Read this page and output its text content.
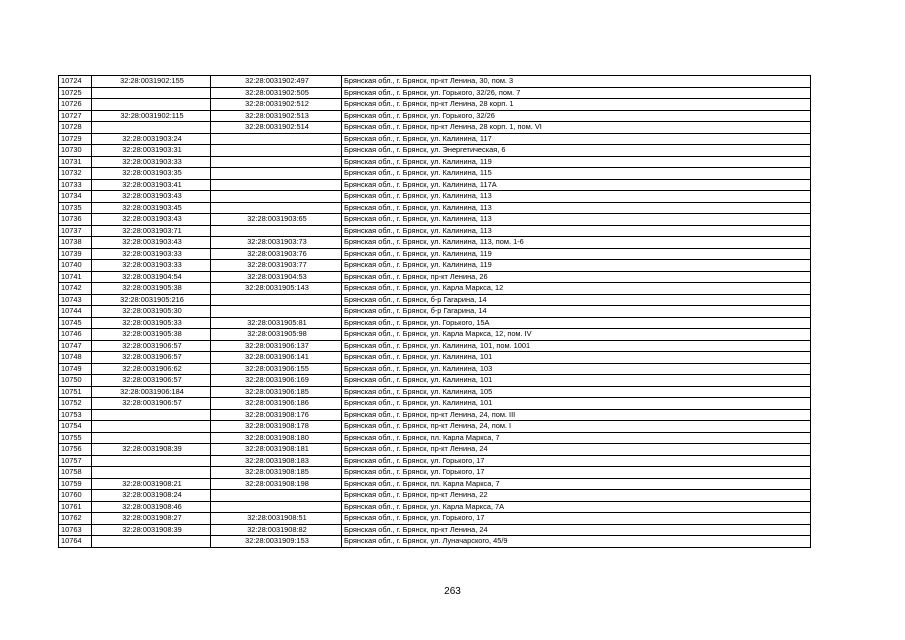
10724	32:28:0031902:155	32:28:0031902:497	Брянская обл., г. Брянск, пр-кт Ленина, 30, пом. 3
10725		32:28:0031902:505	Брянская обл., г. Брянск, ул. Горького, 32/26, пом. 7
10726		32:28:0031902:512	Брянская обл., г. Брянск, пр-кт Ленина, 28 корп. 1
10727	32:28:0031902:115	32:28:0031902:513	Брянская обл., г. Брянск, ул. Горького, 32/26
10728		32:28:0031902:514	Брянская обл., г. Брянск, пр-кт Ленина, 28 корп. 1, пом. VI
10729	32:28:0031903:24		Брянская обл., г. Брянск, ул. Калинина, 117
10730	32:28:0031903:31		Брянская обл., г. Брянск, ул. Энергетическая, 6
10731	32:28:0031903:33		Брянская обл., г. Брянск, ул. Калинина, 119
10732	32:28:0031903:35		Брянская обл., г. Брянск, ул. Калинина, 115
10733	32:28:0031903:41		Брянская обл., г. Брянск, ул. Калинина, 117А
10734	32:28:0031903:43		Брянская обл., г. Брянск, ул. Калинина, 113
10735	32:28:0031903:45		Брянская обл., г. Брянск, ул. Калинина, 113
10736	32:28:0031903:43	32:28:0031903:65	Брянская обл., г. Брянск, ул. Калинина, 113
10737	32:28:0031903:71		Брянская обл., г. Брянск, ул. Калинина, 113
10738	32:28:0031903:43	32:28:0031903:73	Брянская обл., г. Брянск, ул. Калинина, 113, пом. 1-6
10739	32:28:0031903:33	32:28:0031903:76	Брянская обл., г. Брянск, ул. Калинина, 119
10740	32:28:0031903:33	32:28:0031903:77	Брянская обл., г. Брянск, ул. Калинина, 119
10741	32:28:0031904:54	32:28:0031904:53	Брянская обл., г. Брянск, пр-кт Ленина, 26
10742	32:28:0031905:38	32:28:0031905:143	Брянская обл., г. Брянск, ул. Карла Маркса, 12
10743	32:28:0031905:216		Брянская обл., г. Брянск, б-р Гагарина, 14
10744	32:28:0031905:30		Брянская обл., г. Брянск, б-р Гагарина, 14
10745	32:28:0031905:33	32:28:0031905:81	Брянская обл., г. Брянск, ул. Горького, 15А
10746	32:28:0031905:38	32:28:0031905:98	Брянская обл., г. Брянск, ул. Карла Маркса, 12, пом. IV
10747	32:28:0031906:57	32:28:0031906:137	Брянская обл., г. Брянск, ул. Калинина, 101, пом. 1001
10748	32:28:0031906:57	32:28:0031906:141	Брянская обл., г. Брянск, ул. Калинина, 101
10749	32:28:0031906:62	32:28:0031906:155	Брянская обл., г. Брянск, ул. Калинина, 103
10750	32:28:0031906:57	32:28:0031906:169	Брянская обл., г. Брянск, ул. Калинина, 101
10751	32:28:0031906:184	32:28:0031906:185	Брянская обл., г. Брянск, ул. Калинина, 105
10752	32:28:0031906:57	32:28:0031906:186	Брянская обл., г. Брянск, ул. Калинина, 101
10753		32:28:0031908:176	Брянская обл., г. Брянск, пр-кт Ленина, 24, пом. III
10754		32:28:0031908:178	Брянская обл., г. Брянск, пр-кт Ленина, 24, пом. I
10755		32:28:0031908:180	Брянская обл., г. Брянск, пл. Карла Маркса, 7
10756	32:28:0031908:39	32:28:0031908:181	Брянская обл., г. Брянск, пр-кт Ленина, 24
10757		32:28:0031908:183	Брянская обл., г. Брянск, ул. Горького, 17
10758		32:28:0031908:185	Брянская обл., г. Брянск, ул. Горького, 17
10759	32:28:0031908:21	32:28:0031908:198	Брянская обл., г. Брянск, пл. Карла Маркса, 7
10760	32:28:0031908:24		Брянская обл., г. Брянск, пр-кт Ленина, 22
10761	32:28:0031908:46		Брянская обл., г. Брянск, ул. Карла Маркса, 7А
10762	32:28:0031908:27	32:28:0031908:51	Брянская обл., г. Брянск, ул. Горького, 17
10763	32:28:0031908:39	32:28:0031908:82	Брянская обл., г. Брянск, пр-кт Ленина, 24
10764		32:28:0031909:153	Брянская обл., г. Брянск, ул. Луначарского, 45/9
263
